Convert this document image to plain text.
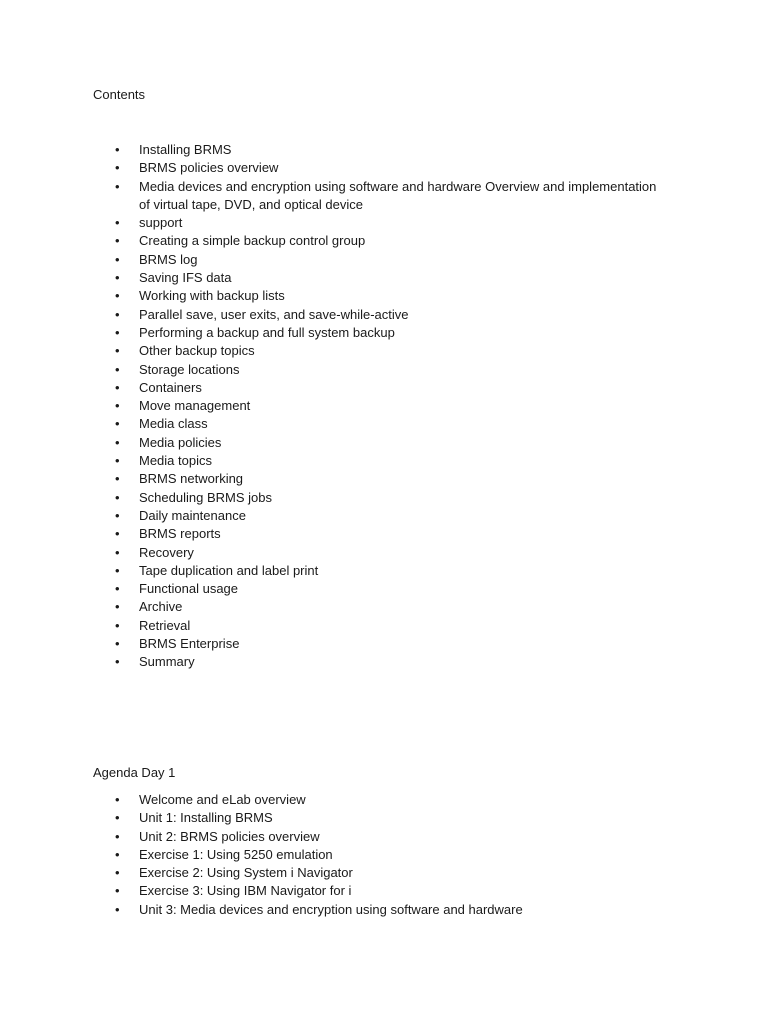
Contents

• Installing BRMS
• BRMS policies overview
• Media devices and encryption using software and hardware Overview and implementation of virtual tape, DVD, and optical device
• support
• Creating a simple backup control group
• BRMS log
• Saving IFS data
• Working with backup lists
• Parallel save, user exits, and save-while-active
• Performing a backup and full system backup
• Other backup topics
• Storage locations
• Containers
• Move management
• Media class
• Media policies
• Media topics
• BRMS networking
• Scheduling BRMS jobs
• Daily maintenance
• BRMS reports
• Recovery
• Tape duplication and label print
• Functional usage
• Archive
• Retrieval
• BRMS Enterprise
• Summary

Agenda Day 1

• Welcome and eLab overview
• Unit 1: Installing BRMS
• Unit 2: BRMS policies overview
• Exercise 1: Using 5250 emulation
• Exercise 2: Using System i Navigator
• Exercise 3: Using IBM Navigator for i
• Unit 3: Media devices and encryption using software and hardware
